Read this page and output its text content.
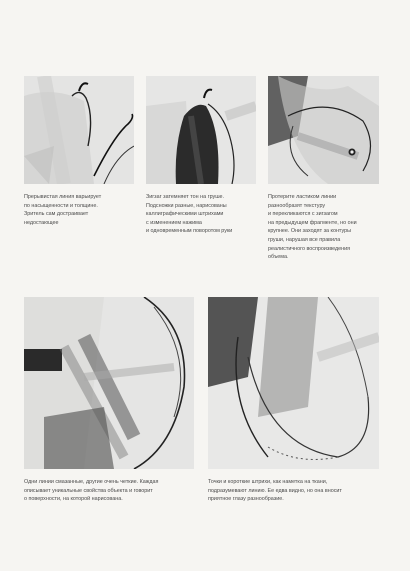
Прерывистая линия варьирует
по насыщенности и толщине.
Зритель сам достраивает
недостающее
Зигзаг затемняет тон на груше.
Подсножки разные, нарисованы
каллиграфическими штрихами
с изменением нажима
и одновременным поворотом руки
Протерите ластиком линии
разнообразят текстуру
и перекликаются с зигзагом
на предыдущем фрагменте, но они
крупнее. Они заходят за контуры
груши, нарушая все правила
реалистичного воспроизведения
объема.
Одни линии смазанные, другие очень четкие. Каждая
описывает уникальные свойства объекта и говорит
о поверхности, на которой нарисована.
Точки и короткие штрихи, как наметка на ткани,
подразумевают линию. Ее едва видно, но она вносит
приятное глазу разнообразие.
